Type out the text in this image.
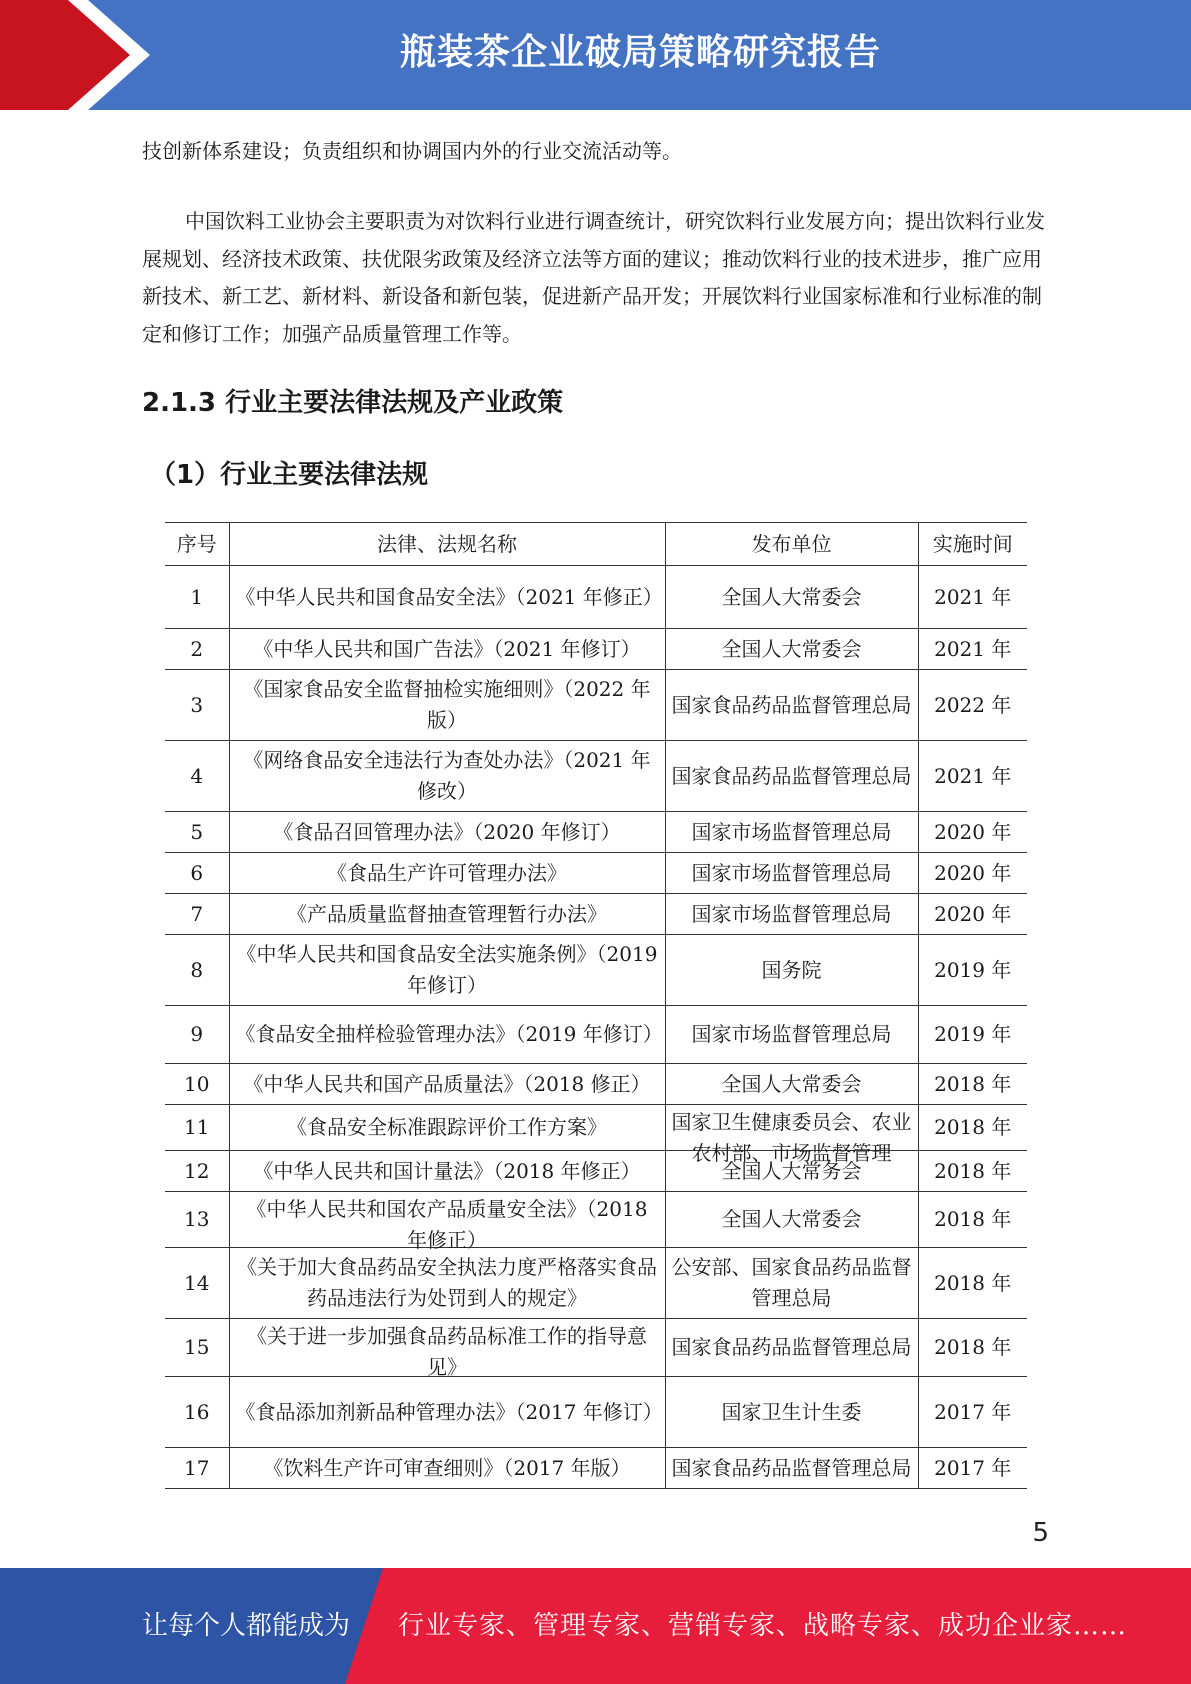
瓶装茶企业破局策略研究报告

技创新体系建设；负责组织和协调国内外的行业交流活动等。

中国饮料工业协会主要职责为对饮料行业进行调查统计，研究饮料行业发展方向；提出饮料行业发展规划、经济技术政策、扶优限劣政策及经济立法等方面的建议；推动饮料行业的技术进步，推广应用新技术、新工艺、新材料、新设备和新包装，促进新产品开发；开展饮料行业国家标准和行业标准的制定和修订工作；加强产品质量管理工作等。

2.1.3 行业主要法律法规及产业政策
（1）行业主要法律法规
序号	法律、法规名称	发布单位	实施时间

1	《中华人民共和国食品安全法》（2021 年修正）	全国人大常委会	2021 年

2	《中华人民共和国广告法》（2021 年修订）	全国人大常委会	2021 年

3	《国家食品安全监督抽检实施细则》（2022 年版）	国家食品药品监督管理总局	2022 年

4	《网络食品安全违法行为查处办法》（2021 年修改）	国家食品药品监督管理总局	2021 年

5	《食品召回管理办法》（2020 年修订）	国家市场监督管理总局	2020 年

6	《食品生产许可管理办法》	国家市场监督管理总局	2020 年

7	《产品质量监督抽查管理暂行办法》	国家市场监督管理总局	2020 年

8	《中华人民共和国食品安全法实施条例》（2019 年修订）	国务院	2019 年

9	《食品安全抽样检验管理办法》（2019 年修订）	国家市场监督管理总局	2019 年

10	《中华人民共和国产品质量法》（2018 修正）	全国人大常委会	2018 年

11	《食品安全标准跟踪评价工作方案》	国家卫生健康委员会、农业农村部、市场监督管理	2018 年

12	《中华人民共和国计量法》（2018 年修正）	全国人大常务会	2018 年

13	《中华人民共和国农产品质量安全法》（2018 年修正）	全国人大常委会	2018 年

14	《关于加大食品药品安全执法力度严格落实食品药品违法行为处罚到人的规定》	公安部、国家食品药品监督管理总局	2018 年

15	《关于进一步加强食品药品标准工作的指导意见》	国家食品药品监督管理总局	2018 年

16	《食品添加剂新品种管理办法》（2017 年修订）	国家卫生计生委	2017 年

17	《饮料生产许可审查细则》（2017 年版）	国家食品药品监督管理总局	2017 年
5
让每个人都能成为 行业专家、管理专家、营销专家、战略专家、成功企业家……
